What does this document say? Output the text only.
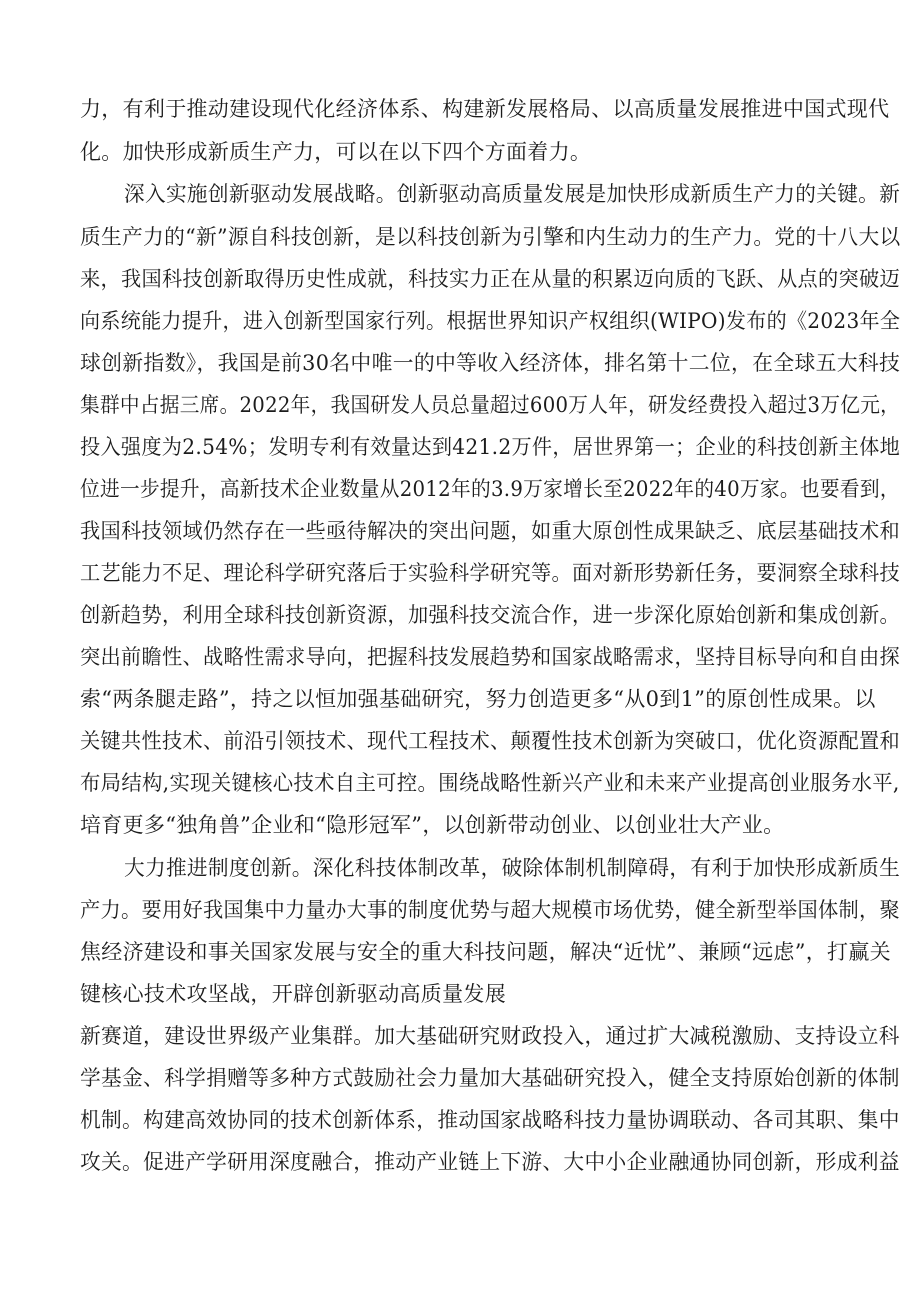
力，有利于推动建设现代化经济体系、构建新发展格局、以高质量发展推进中国式现代
化。加快形成新质生产力，可以在以下四个方面着力。
深入实施创新驱动发展战略。创新驱动高质量发展是加快形成新质生产力的关键。新
质生产力的“新”源自科技创新，是以科技创新为引擎和内生动力的生产力。党的十八大以
来，我国科技创新取得历史性成就，科技实力正在从量的积累迈向质的飞跃、从点的突破迈
向系统能力提升，进入创新型国家行列。根据世界知识产权组织(WIPO)发布的《2023年全
球创新指数》，我国是前30名中唯一的中等收入经济体，排名第十二位，在全球五大科技
集群中占据三席。2022年，我国研发人员总量超过600万人年，研发经费投入超过3万亿元，
投入强度为2.54%；发明专利有效量达到421.2万件，居世界第一；企业的科技创新主体地
位进一步提升，高新技术企业数量从2012年的3.9万家增长至2022年的40万家。也要看到，
我国科技领域仍然存在一些亟待解决的突出问题，如重大原创性成果缺乏、底层基础技术和
工艺能力不足、理论科学研究落后于实验科学研究等。面对新形势新任务，要洞察全球科技
创新趋势，利用全球科技创新资源，加强科技交流合作，进一步深化原始创新和集成创新。
突出前瞻性、战略性需求导向，把握科技发展趋势和国家战略需求，坚持目标导向和自由探
索“两条腿走路”，持之以恒加强基础研究，努力创造更多“从0到1”的原创性成果。以
关键共性技术、前沿引领技术、现代工程技术、颠覆性技术创新为突破口，优化资源配置和
布局结构,实现关键核心技术自主可控。围绕战略性新兴产业和未来产业提高创业服务水平,
培育更多“独角兽”企业和“隐形冠军”，以创新带动创业、以创业壮大产业。
大力推进制度创新。深化科技体制改革，破除体制机制障碍，有利于加快形成新质生
产力。要用好我国集中力量办大事的制度优势与超大规模市场优势，健全新型举国体制，聚
焦经济建设和事关国家发展与安全的重大科技问题，解决“近忧”、兼顾“远虑”，打赢关
键核心技术攻坚战，开辟创新驱动高质量发展
新赛道，建设世界级产业集群。加大基础研究财政投入，通过扩大减税激励、支持设立科
学基金、科学捐赠等多种方式鼓励社会力量加大基础研究投入，健全支持原始创新的体制
机制。构建高效协同的技术创新体系，推动国家战略科技力量协调联动、各司其职、集中
攻关。促进产学研用深度融合，推动产业链上下游、大中小企业融通协同创新，形成利益
